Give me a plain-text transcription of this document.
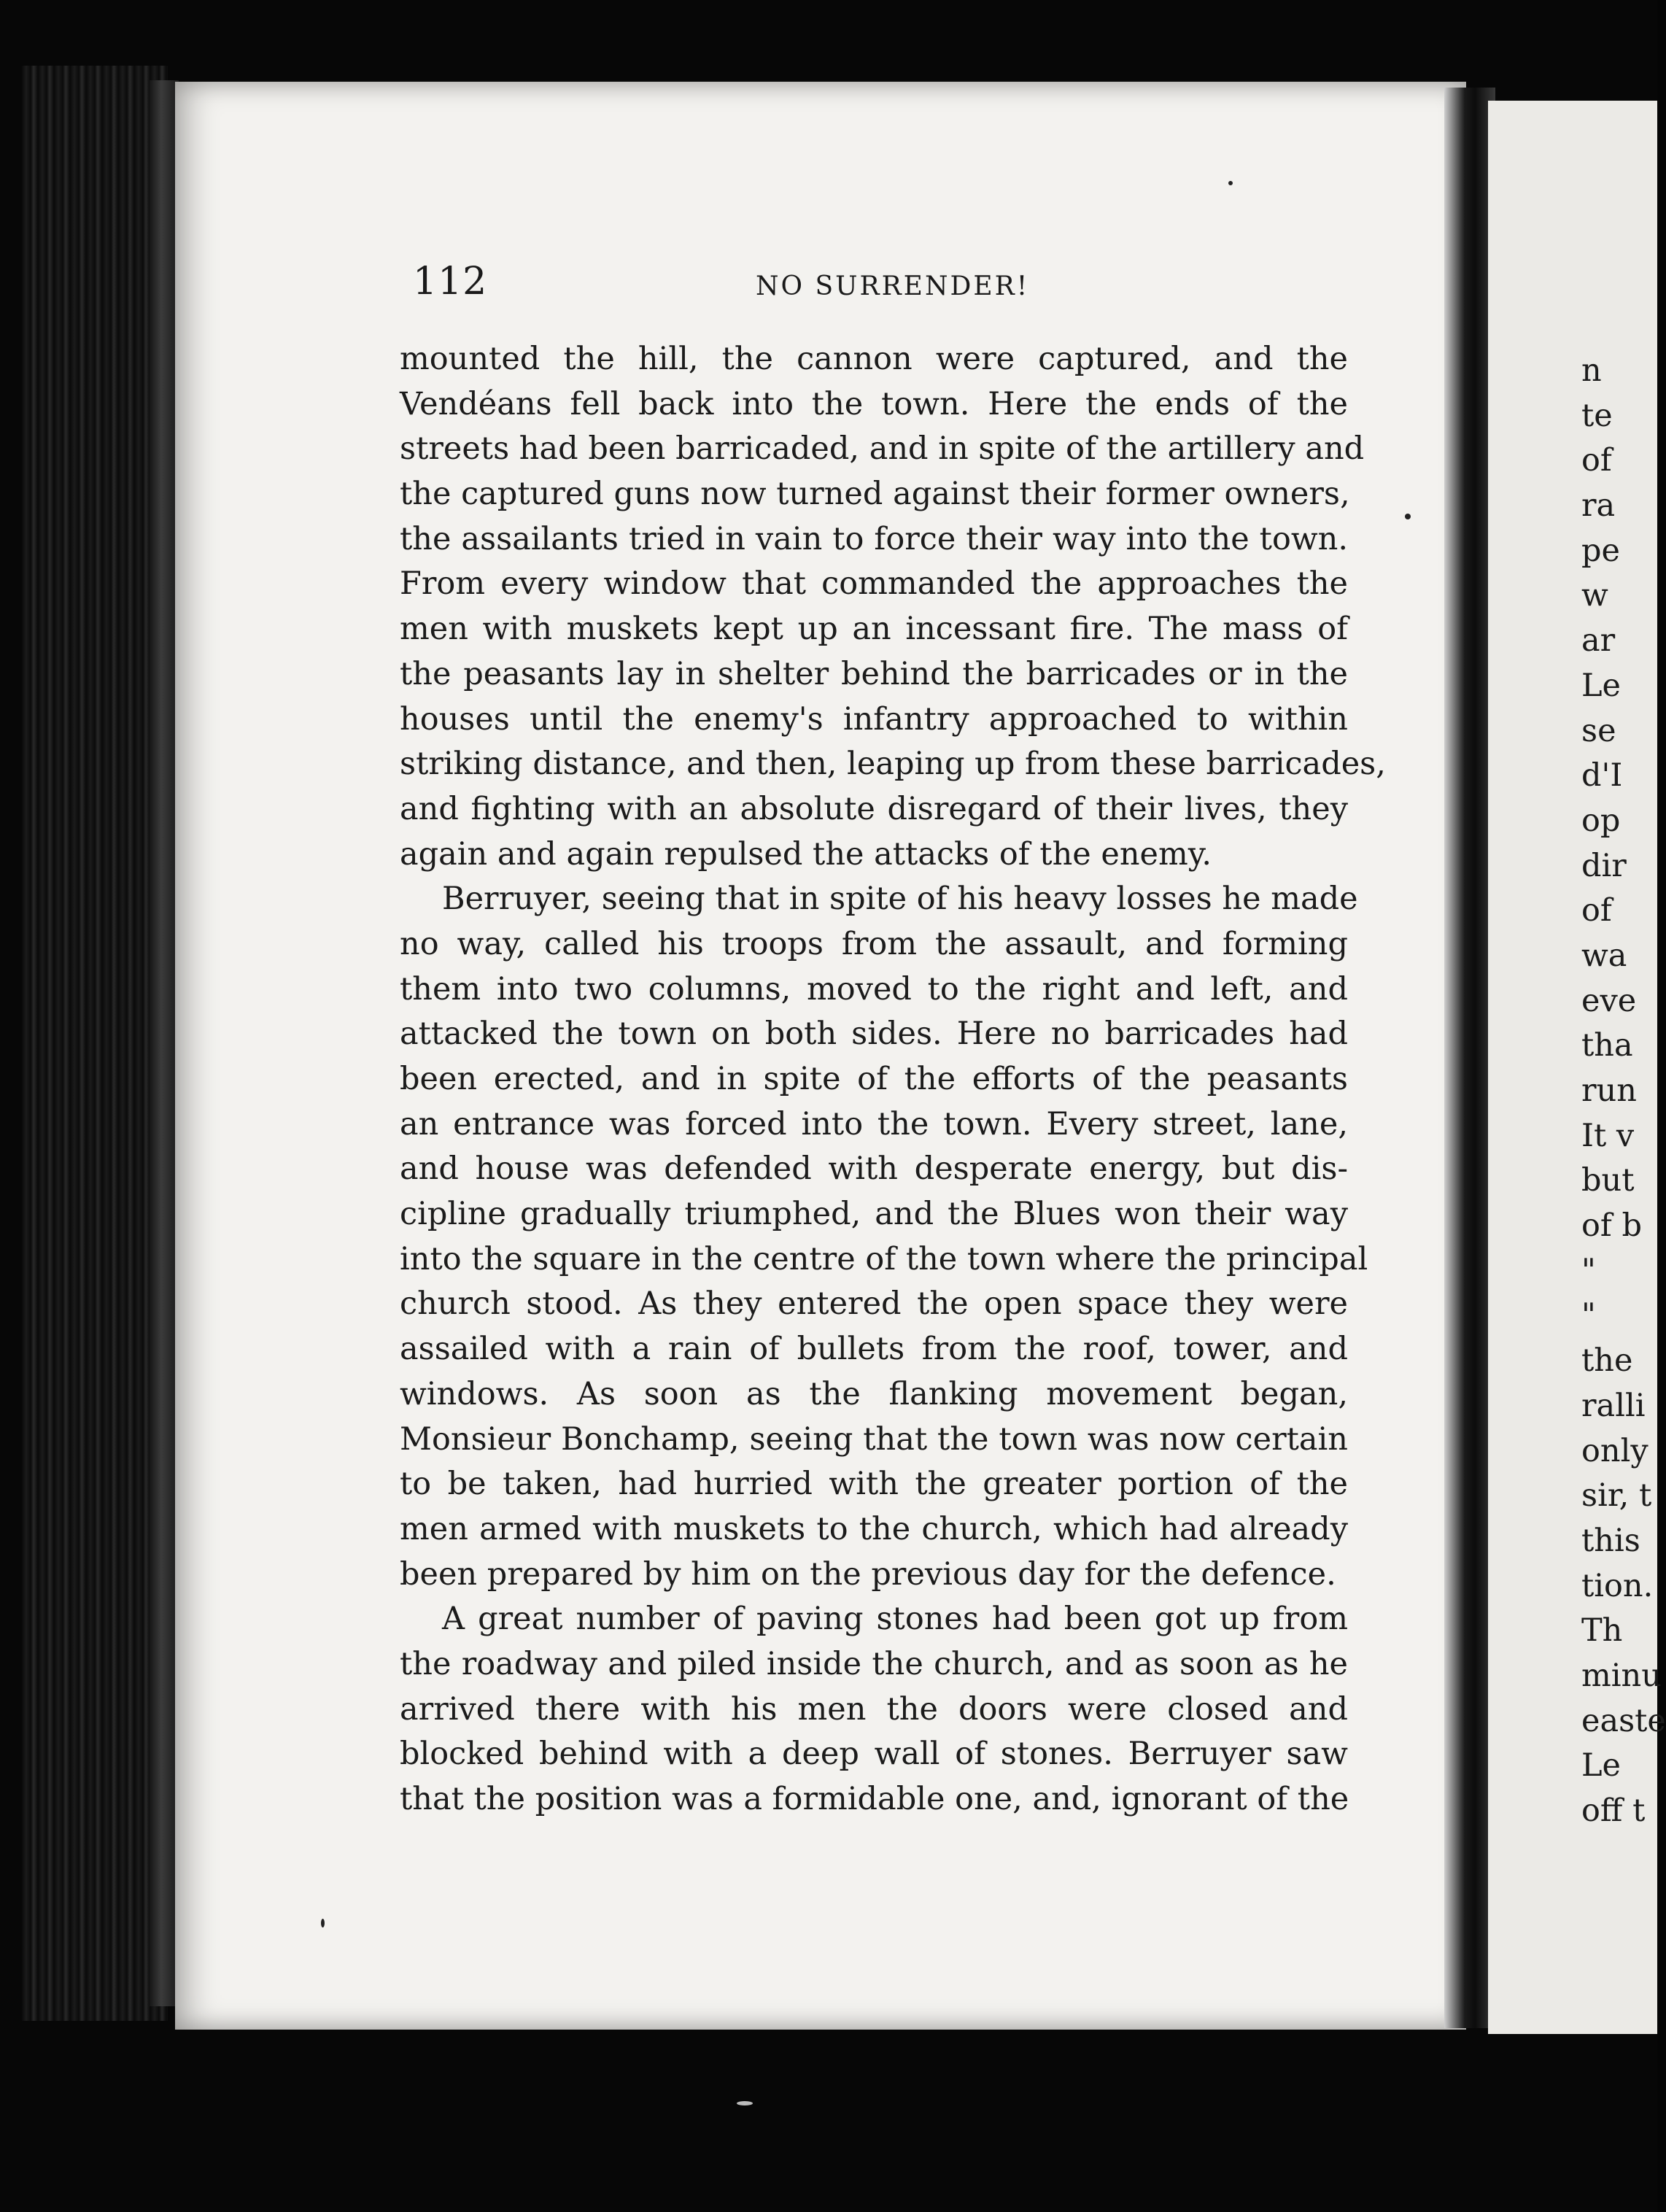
112	NO SURRENDER!
mounted the hill, the cannon were captured, and the
Vendéans fell back into the town. Here the ends of the
streets had been barricaded, and in spite of the artillery and
the captured guns now turned against their former owners,
the assailants tried in vain to force their way into the town.
From every window that commanded the approaches the
men with muskets kept up an incessant fire. The mass of
the peasants lay in shelter behind the barricades or in the
houses until the enemy's infantry approached to within
striking distance, and then, leaping up from these barricades,
and fighting with an absolute disregard of their lives, they
again and again repulsed the attacks of the enemy.
Berruyer, seeing that in spite of his heavy losses he made
no way, called his troops from the assault, and forming
them into two columns, moved to the right and left, and
attacked the town on both sides. Here no barricades had
been erected, and in spite of the efforts of the peasants
an entrance was forced into the town. Every street, lane,
and house was defended with desperate energy, but dis-
cipline gradually triumphed, and the Blues won their way
into the square in the centre of the town where the principal
church stood. As they entered the open space they were
assailed with a rain of bullets from the roof, tower, and
windows. As soon as the flanking movement began,
Monsieur Bonchamp, seeing that the town was now certain
to be taken, had hurried with the greater portion of the
men armed with muskets to the church, which had already
been prepared by him on the previous day for the defence.
A great number of paving stones had been got up from
the roadway and piled inside the church, and as soon as he
arrived there with his men the doors were closed and
blocked behind with a deep wall of stones. Berruyer saw
that the position was a formidable one, and, ignorant of the
n
te
of
ra
pe
w
ar
Le
se
d'I
op
dir
of
wa
eve
tha
run
It v
but
of b
"
"
the
ralli
only
sir, t
this
tion.
Th
minu
easte
Le
off t
